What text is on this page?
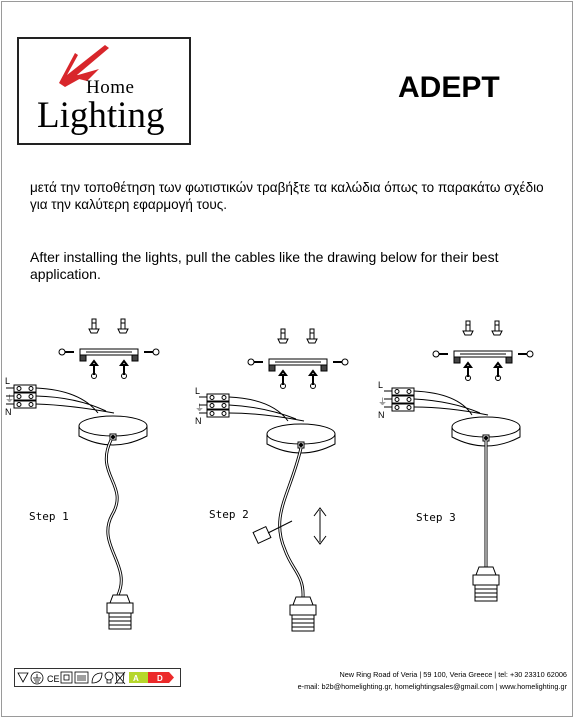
Home
Lighting
ADEPT
μετά την τοποθέτηση των φωτιστικών τραβήξτε τα καλώδια όπως το παρακάτω σχέδιο για την καλύτερη εφαρμογή τους.
After installing the lights, pull the cables like the drawing below for their best application.
L
⏚
N
L
⏚
N
L
⏚
N
Step 1	Step 2	Step 3
CE	A D	New Ring Road of Veria | 59 100, Veria Greece | tel: +30 23310 62006
e-mail: b2b@homelighting.gr, homelightingsales@gmail.com | www.homelighting.gr
